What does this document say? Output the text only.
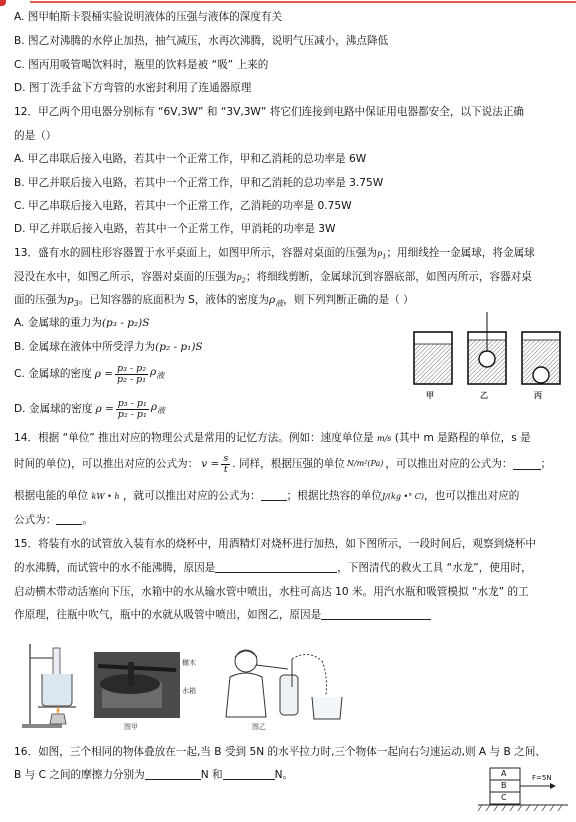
A. 图甲帕斯卡裂桶实验说明液体的压强与液体的深度有关
B. 图乙对沸腾的水停止加热，抽气减压，水再次沸腾，说明气压减小，沸点降低
C. 图丙用吸管喝饮料时，瓶里的饮料是被 “吸” 上来的
D. 图丁洗手盆下方弯管的水密封利用了连通器原理
12．甲乙两个用电器分别标有 “6V,3W” 和 “3V,3W” 将它们连接到电路中保证用电器都安全，以下说法正确
的是（）
A. 甲乙串联后接入电路，若其中一个正常工作，甲和乙消耗的总功率是 6W
B. 甲乙并联后接入电路，若其中一个正常工作，甲和乙消耗的总功率是 3.75W
C. 甲乙串联后接入电路，若其中一个正常工作，乙消耗的功率是 0.75W
D. 甲乙并联后接入电路，若其中一个正常工作，甲消耗的功率是 3W
13．盛有水的圆柱形容器置于水平桌面上，如图甲所示，容器对桌面的压强为$p_1$；用细线拴一金属球，将金属球
浸没在水中，如图乙所示，容器对桌面的压强为$p_2$；将细线剪断，金属球沉到容器底部，如图丙所示，容器对桌
面的压强为$p_3$。已知容器的底面积为 S，液体的密度为$\rho_液$，则下列判断正确的是（ ）
A. 金属球的重力为(p₃ - p₂)S
B. 金属球在液体中所受浮力为(p₂ - p₁)S
C. 金属球的密度 $\rho = \frac{\text{p₃ - p₂}}{\text{p₂ - p₁}} \rho_液$
D. 金属球的密度 $\rho = \frac{\text{p₃ - p₁}}{\text{p₂ - p₁}} \rho_液$
甲	乙	丙
14．根据 “单位” 推出对应的物理公式是常用的记忆方法。例如：速度单位是 m/s (其中 m 是路程的单位，s 是
时间的单位)，可以推出对应的公式为： $v = \frac{s}{t}$ . 同样，根据压强的单位 N/m²(Pa) ，可以推出对应的公式为：	；
根据电能的单位 kW • h ，就可以推出对应的公式为： ；根据比热容的单位J/(kg •° C)，也可以推出对应的
公式为： 。
15．将装有水的试管放入装有水的烧杯中，用酒精灯对烧杯进行加热，如下图所示，一段时间后，观察到烧杯中
的水沸腾，而试管中的水不能沸腾，原因是	，下图清代的救火工具 “水龙”，使用时，
启动横木带动活塞向下压，水箱中的水从输水管中喷出，水柱可高达 10 米。用汽水瓶和吸管模拟 “水龙” 的工
作原理，往瓶中吹气，瓶中的水就从吸管中喷出，如图乙，原因是
横木
水箱
图甲	图乙
16．如图，三个相同的物体叠放在一起,当 B 受到 5N 的水平拉力时,三个物体一起向右匀速运动,则 A 与 B 之间、
B 与 C 之间的摩擦力分别为	N 和	N。	A
B
C
F=5N
